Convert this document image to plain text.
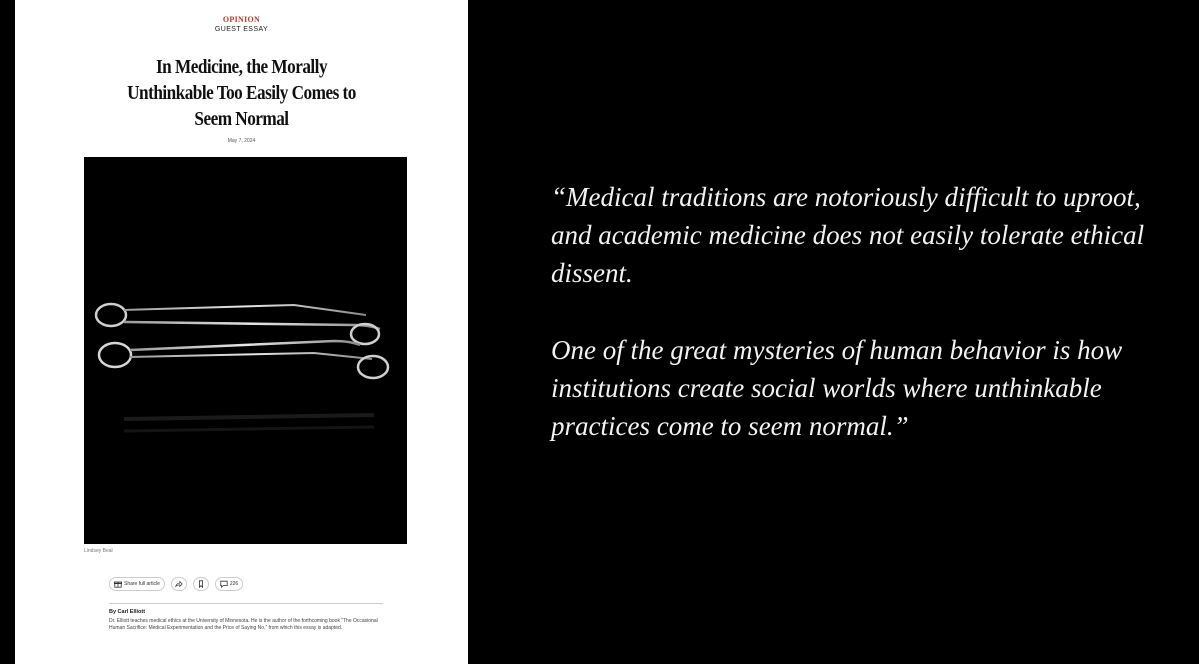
OPINION
GUEST ESSAY
In Medicine, the Morally Unthinkable Too Easily Comes to Seem Normal
May 7, 2024
Lindsey Beal
Share full article	226
By Carl Elliott
Dr. Elliott teaches medical ethics at the University of Minnesota. He is the author of the forthcoming book “The Occasional Human Sacrifice: Medical Experimentation and the Price of Saying No,” from which this essay is adapted.

“Medical traditions are notoriously difficult to uproot, and academic medicine does not easily tolerate ethical dissent.

One of the great mysteries of human behavior is how institutions create social worlds where unthinkable practices come to seem normal.”
